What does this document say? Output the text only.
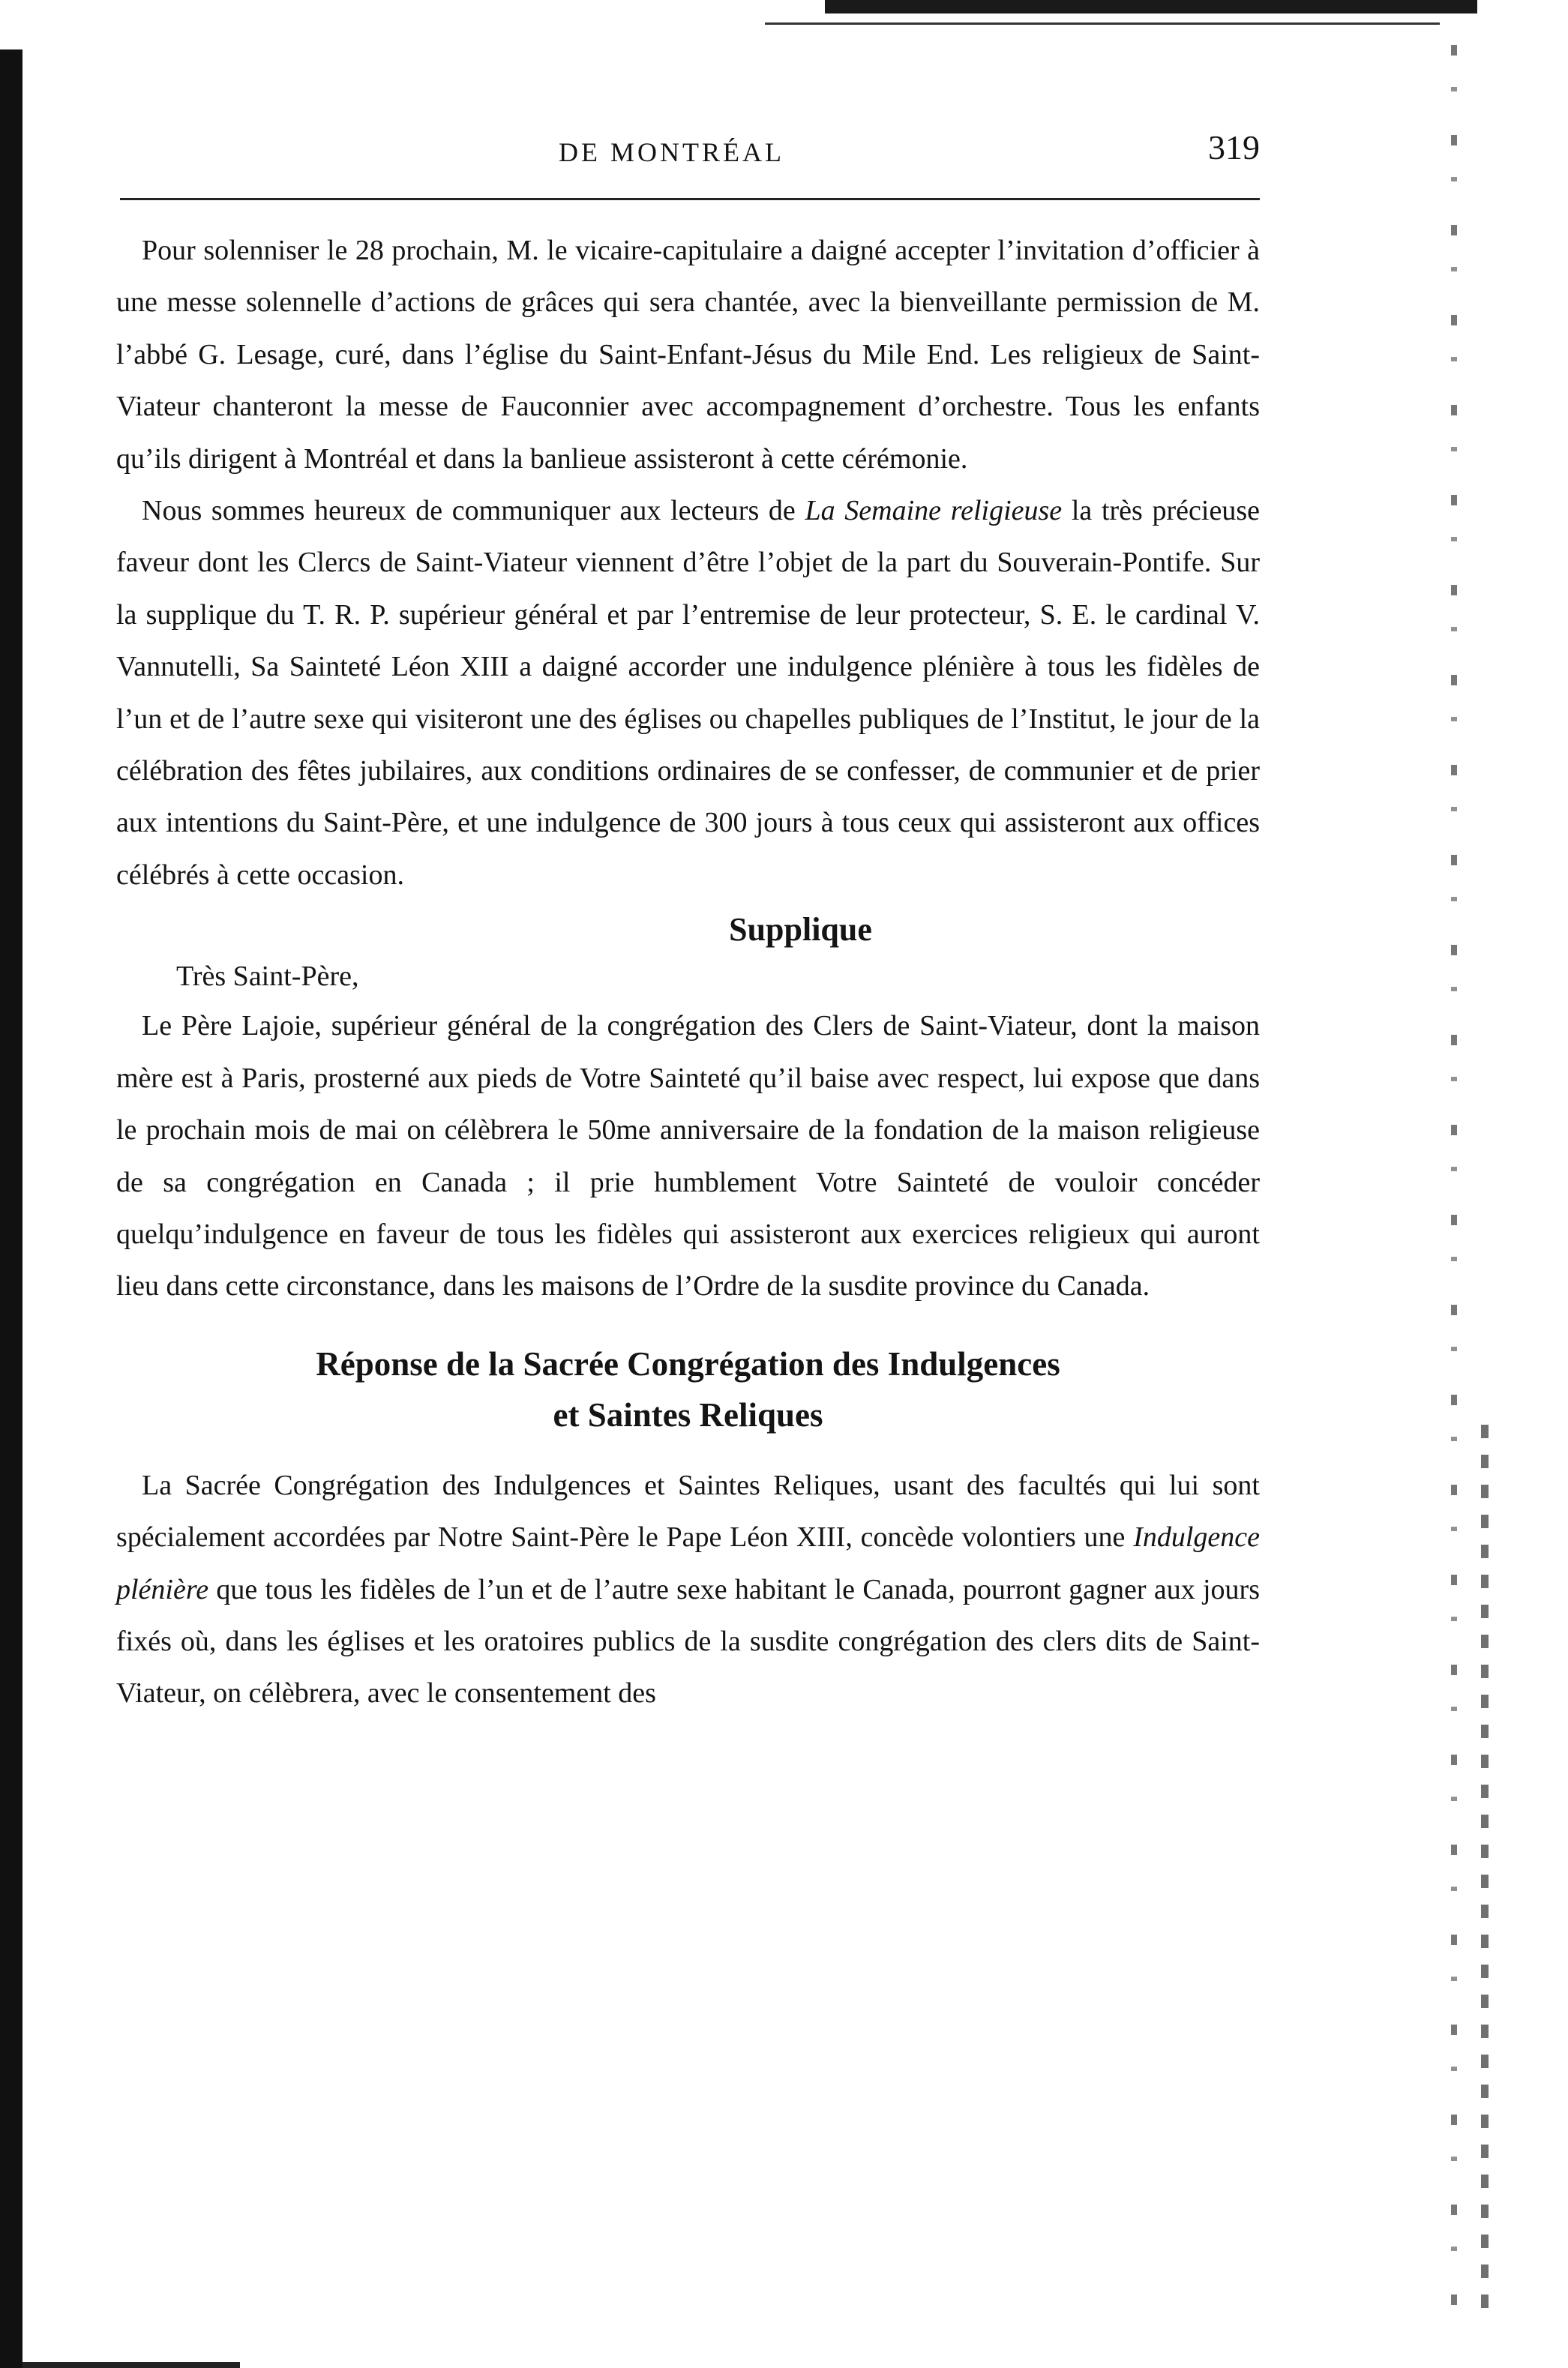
DE MONTRÉAL	319

Pour solenniser le 28 prochain, M. le vicaire-capitulaire a daigné accepter l’invitation d’officier à une messe solennelle d’actions de grâces qui sera chantée, avec la bienveillante permission de M. l’abbé G. Lesage, curé, dans l’église du Saint-Enfant-Jésus du Mile End. Les religieux de Saint-Viateur chanteront la messe de Fauconnier avec accompagnement d’orchestre. Tous les enfants qu’ils dirigent à Montréal et dans la banlieue assisteront à cette cérémonie.

Nous sommes heureux de communiquer aux lecteurs de La Semaine religieuse la très précieuse faveur dont les Clercs de Saint-Viateur viennent d’être l’objet de la part du Souverain-Pontife. Sur la supplique du T. R. P. supérieur général et par l’entremise de leur protecteur, S. E. le cardinal V. Vannutelli, Sa Sainteté Léon XIII a daigné accorder une indulgence plénière à tous les fidèles de l’un et de l’autre sexe qui visiteront une des églises ou chapelles publiques de l’Institut, le jour de la célébration des fêtes jubilaires, aux conditions ordinaires de se confesser, de communier et de prier aux intentions du Saint-Père, et une indulgence de 300 jours à tous ceux qui assisteront aux offices célébrés à cette occasion.

Supplique

Très Saint-Père,

Le Père Lajoie, supérieur général de la congrégation des Clers de Saint-Viateur, dont la maison mère est à Paris, prosterné aux pieds de Votre Sainteté qu’il baise avec respect, lui expose que dans le prochain mois de mai on célèbrera le 50me anniversaire de la fondation de la maison religieuse de sa congrégation en Canada ; il prie humblement Votre Sainteté de vouloir concéder quelqu’indulgence en faveur de tous les fidèles qui assisteront aux exercices religieux qui auront lieu dans cette circonstance, dans les maisons de l’Ordre de la susdite province du Canada.

Réponse de la Sacrée Congrégation des Indulgences
et Saintes Reliques

La Sacrée Congrégation des Indulgences et Saintes Reliques, usant des facultés qui lui sont spécialement accordées par Notre Saint-Père le Pape Léon XIII, concède volontiers une Indulgence plénière que tous les fidèles de l’un et de l’autre sexe habitant le Canada, pourront gagner aux jours fixés où, dans les églises et les oratoires publics de la susdite congrégation des clers dits de Saint-Viateur, on célèbrera, avec le consentement des
